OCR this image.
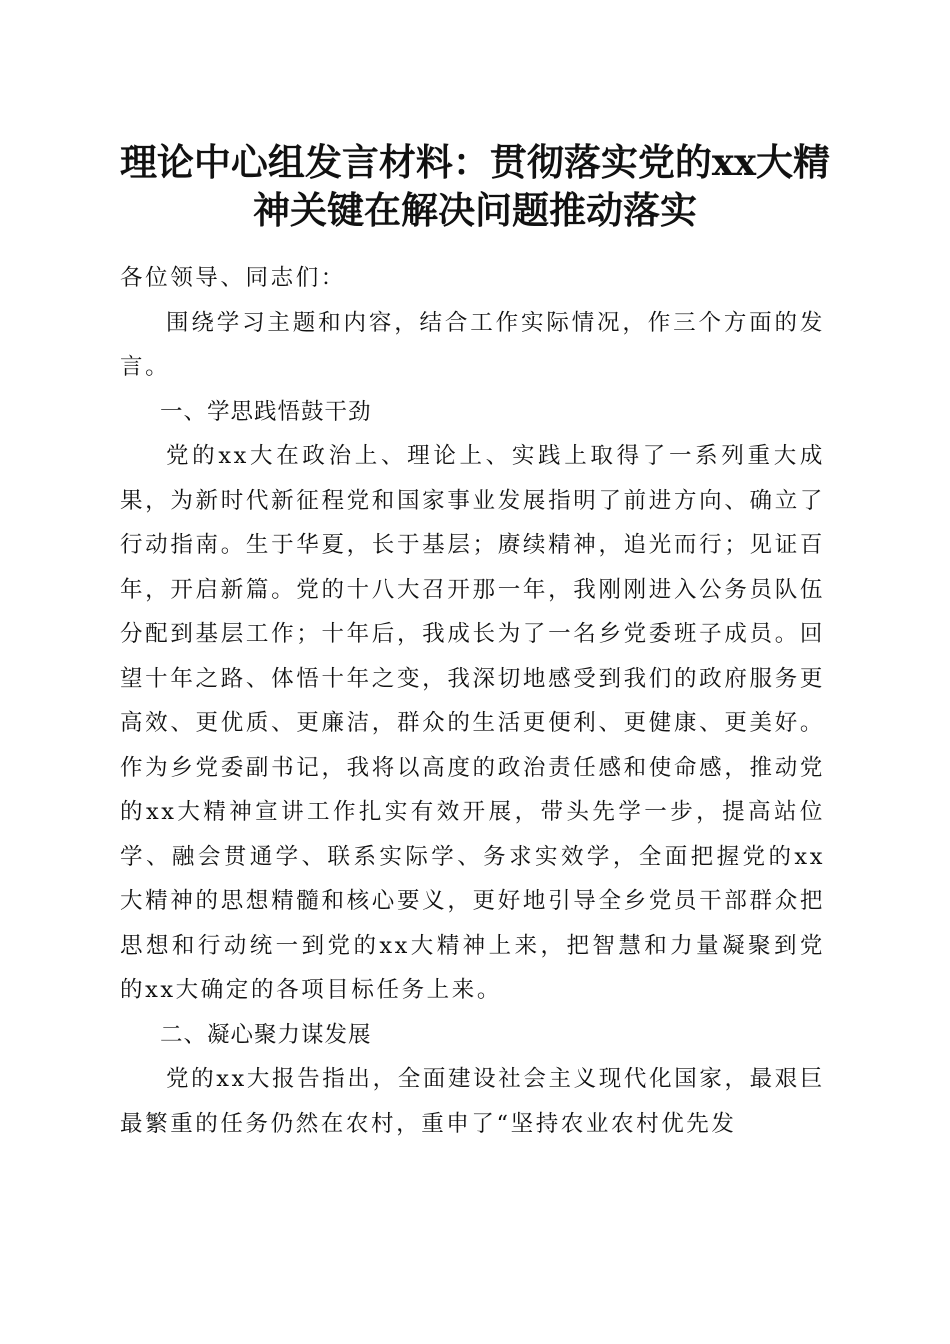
理论中心组发言材料：贯彻落实党的xx大精
神关键在解决问题推动落实

各位领导、同志们：

围绕学习主题和内容，结合工作实际情况，作三个方面的发言。

一、学思践悟鼓干劲

党的xx大在政治上、理论上、实践上取得了一系列重大成果，为新时代新征程党和国家事业发展指明了前进方向、确立了行动指南。生于华夏，长于基层；赓续精神，追光而行；见证百年，开启新篇。党的十八大召开那一年，我刚刚进入公务员队伍分配到基层工作；十年后，我成长为了一名乡党委班子成员。回望十年之路、体悟十年之变，我深切地感受到我们的政府服务更高效、更优质、更廉洁，群众的生活更便利、更健康、更美好。作为乡党委副书记，我将以高度的政治责任感和使命感，推动党的xx大精神宣讲工作扎实有效开展，带头先学一步，提高站位学、融会贯通学、联系实际学、务求实效学，全面把握党的xx大精神的思想精髓和核心要义，更好地引导全乡党员干部群众把思想和行动统一到党的xx大精神上来，把智慧和力量凝聚到党的xx大确定的各项目标任务上来。

二、凝心聚力谋发展

党的xx大报告指出，全面建设社会主义现代化国家，最艰巨最繁重的任务仍然在农村，重申了“坚持农业农村优先发
